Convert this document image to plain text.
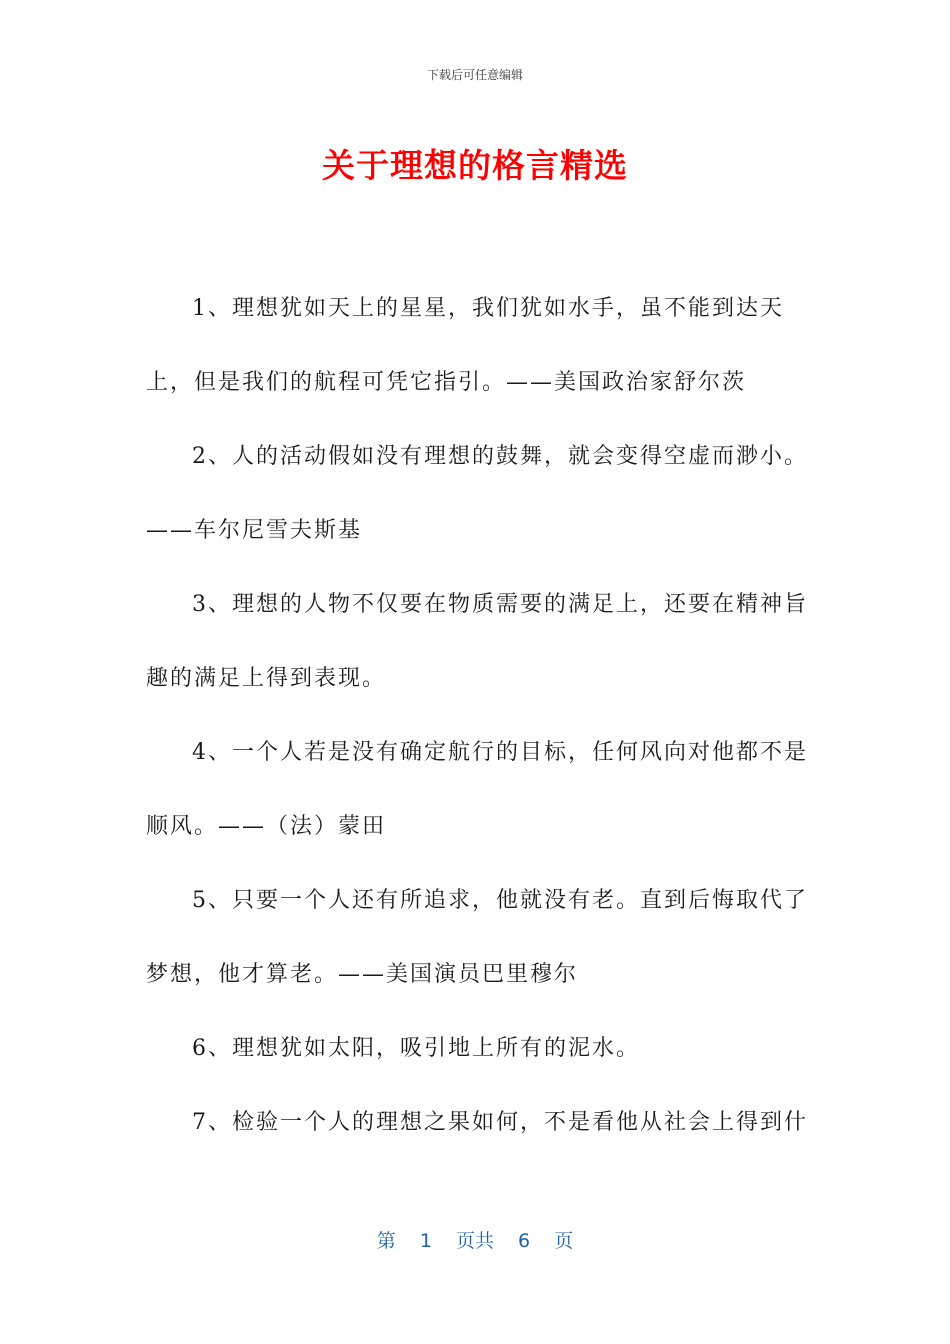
下载后可任意编辑
关于理想的格言精选

1、理想犹如天上的星星，我们犹如水手，虽不能到达天上，但是我们的航程可凭它指引。——美国政治家舒尔茨

2、人的活动假如没有理想的鼓舞，就会变得空虚而渺小。——车尔尼雪夫斯基

3、理想的人物不仅要在物质需要的满足上，还要在精神旨趣的满足上得到表现。

4、一个人若是没有确定航行的目标，任何风向对他都不是顺风。——（法）蒙田

5、只要一个人还有所追求，他就没有老。直到后悔取代了梦想，他才算老。——美国演员巴里穆尔

6、理想犹如太阳，吸引地上所有的泥水。

7、检验一个人的理想之果如何，不是看他从社会上得到什

第 1 页共 6 页
